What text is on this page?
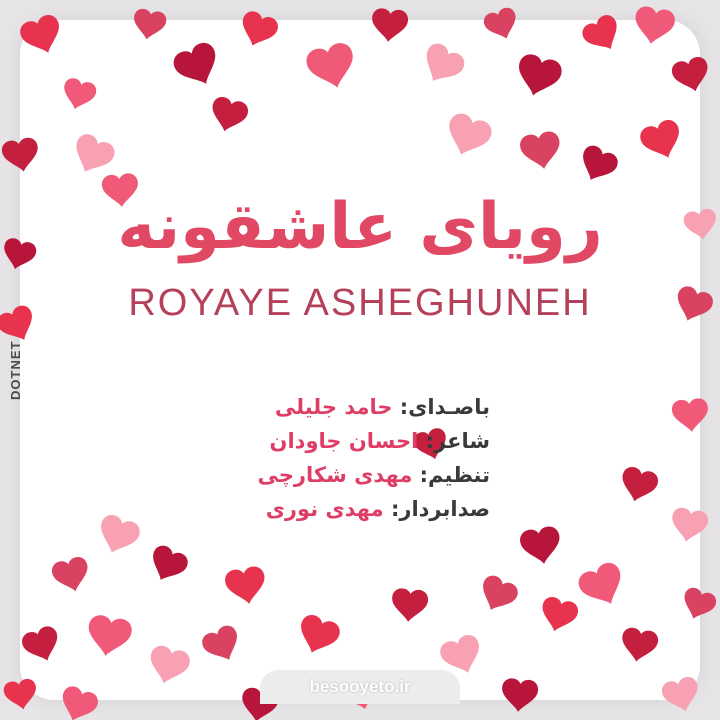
رویای عاشقونه
ROYAYE ASHEGHUNEH
باصـدای: حامد جلیلی
شاعر: احسان جاودان
تنظیم: مهدی شکارچی
صدابردار: مهدی نوری
DOTNET
besooyeto.ir
